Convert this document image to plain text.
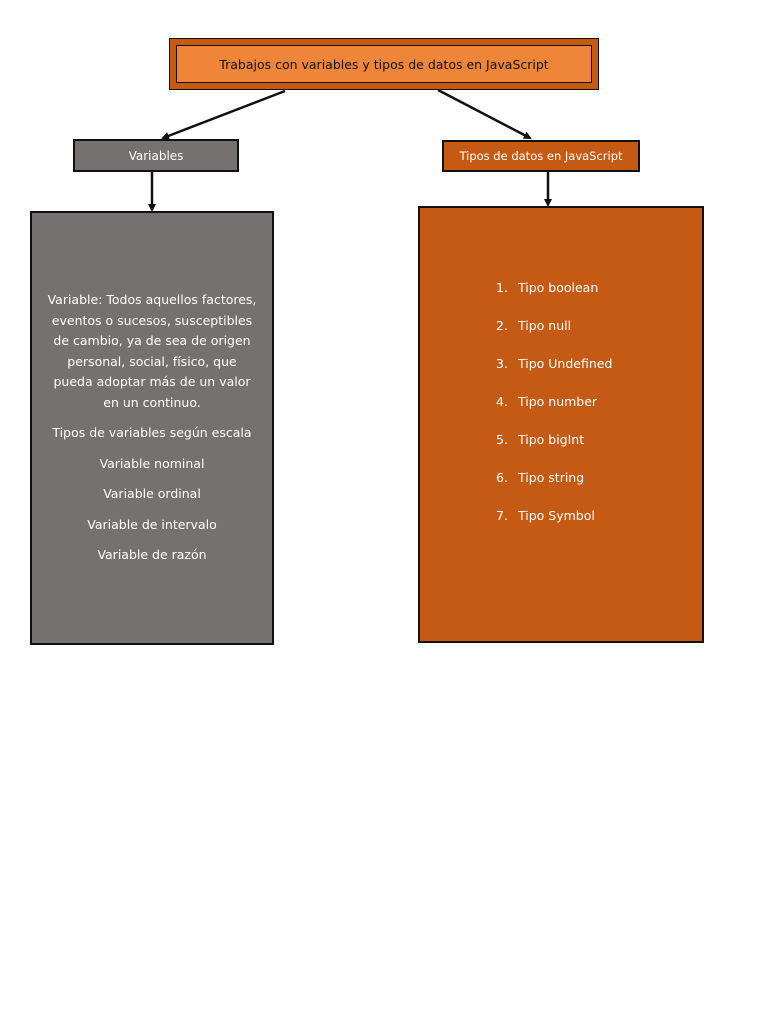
Trabajos con variables y tipos de datos en JavaScript
Variables	Tipos de datos en JavaScript

Variable: Todos aquellos factores, eventos o sucesos, susceptibles de cambio, ya de sea de origen personal, social, físico, que pueda adoptar más de un valor en un continuo.

Tipos de variables según escala

Variable nominal

Variable ordinal

Variable de intervalo

Variable de razón

1. Tipo boolean
2. Tipo null
3. Tipo Undefined
4. Tipo number
5. Tipo bigInt
6. Tipo string
7. Tipo Symbol
